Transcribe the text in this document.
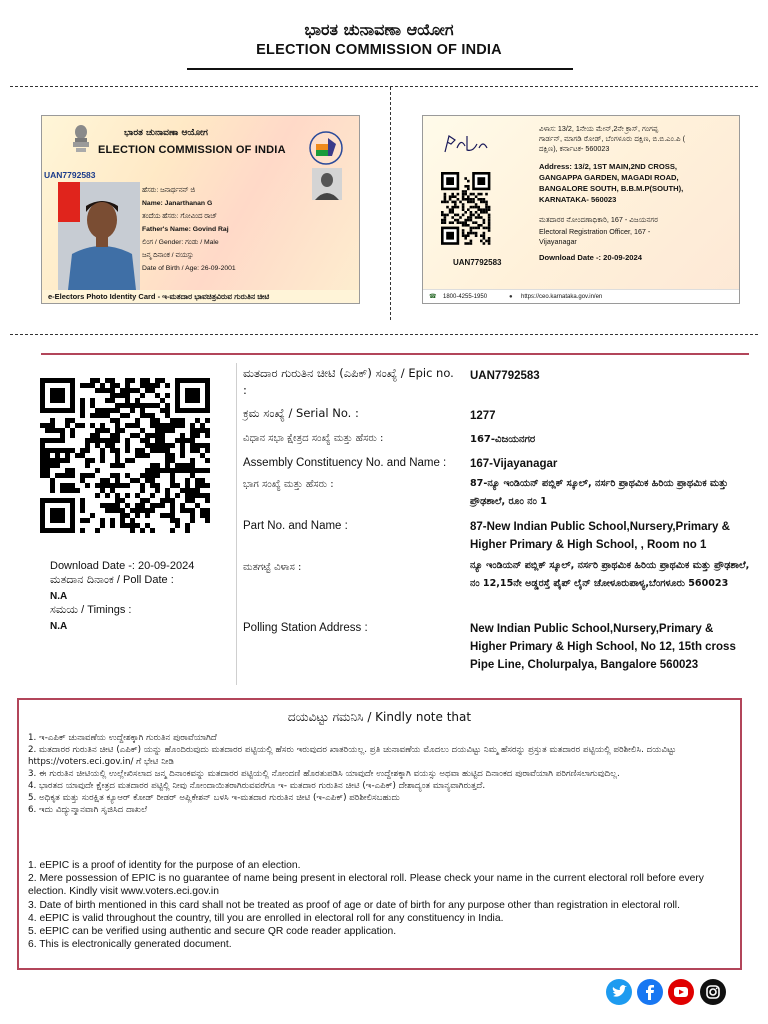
ಭಾರತ ಚುನಾವಣಾ ಆಯೋಗ
ELECTION COMMISSION OF INDIA
ಭಾರತ ಚುನಾವಣಾ ಆಯೋಗ
ELECTION COMMISSION OF INDIA
UAN7792583
ಹೆಸರು: ಜನಾರ್ಥನನ್ ಜಿ
Name: Janarthanan G
ತಂದೆಯ ಹೆಸರು: ಗೋವಿಂದ ರಾಜ್
Father's Name: Govind Raj
ಲಿಂಗ / Gender: ಗಂಡು / Male
ಜನ್ಮ ದಿನಾಂಕ / ವಯಸ್ಸು
Date of Birth / Age: 26-09-2001
e-Electors Photo Identity Card - ಇ-ಮತದಾರ ಭಾವಚಿತ್ರವಿರುವ ಗುರುತಿನ ಚೀಟಿ
UAN7792583
ವಿಳಾಸ: 13/2, 1ನೇಯ ಮೇನ್,2ನೇ ಕ್ರಾಸ್, ಗಂಗಪ್ಪ
ಗಾರ್ಡನ್, ಮಾಗಡಿ ರೋಡ್, ಬೆಂಗಳೂರು ದಕ್ಷಿಣ, ಬಿ.ಬಿ.ಎಂ.ಪಿ (
ದಕ್ಷಿಣ), ಕರ್ನಾಟಕ- 560023
Address: 13/2, 1ST MAIN,2ND CROSS,
GANGAPPA GARDEN, MAGADI ROAD,
BANGALORE SOUTH, B.B.M.P(SOUTH),
KARNATAKA- 560023
ಮತದಾರರ ನೋಂದಣಾಧಿಕಾರಿ, 167 - ವಿಜಯನಗರ
Electoral Registration Officer, 167 -
Vijayanagar
Download Date -: 20-09-2024
☎ 1800-4255-1950	● https://ceo.karnataka.gov.in/en
Download Date -: 20-09-2024
ಮತದಾನ ದಿನಾಂಕ / Poll Date :
N.A
ಸಮಯ / Timings :
N.A
ಮತದಾರ ಗುರುತಿನ ಚೀಟಿ (ಎಪಿಕ್) ಸಂಖ್ಯೆ / Epic no. :
UAN7792583
ಕ್ರಮ ಸಂಖ್ಯೆ / Serial No. :	1277
ವಿಧಾನ ಸಭಾ ಕ್ಷೇತ್ರದ ಸಂಖ್ಯೆ ಮತ್ತು ಹೆಸರು :	167-ವಿಜಯನಗರ
Assembly Constituency No. and Name :	167-Vijayanagar
ಭಾಗ ಸಂಖ್ಯೆ ಮತ್ತು ಹೆಸರು :	87-ನ್ಯೂ ಇಂಡಿಯನ್ ಪಬ್ಲಿಕ್ ಸ್ಕೂಲ್, ನರ್ಸರಿ ಪ್ರಾಥಮಿಕ ಹಿರಿಯ ಪ್ರಾಥಮಿಕ ಮತ್ತು ಪ್ರೌಢಶಾಲೆ, ರೂಂ ನಂ 1
Part No. and Name :	87-New Indian Public School,Nursery,Primary & Higher Primary & High School, , Room no 1
ಮತಗಟ್ಟೆ ವಿಳಾಸ :	ನ್ಯೂ ಇಂಡಿಯನ್ ಪಬ್ಲಿಕ್ ಸ್ಕೂಲ್, ನರ್ಸರಿ ಪ್ರಾಥಮಿಕ ಹಿರಿಯ ಪ್ರಾಥಮಿಕ ಮತ್ತು ಪ್ರೌಢಶಾಲೆ, ನಂ 12,15ನೇ ಅಡ್ಡರಸ್ತೆ ಪೈಪ್ ಲೈನ್ ಚೋಳೂರುಪಾಳ್ಯ,ಬೆಂಗಳೂರು 560023
Polling Station Address :	New Indian Public School,Nursery,Primary & Higher Primary & High School, No 12, 15th cross Pipe Line, Cholurpalya, Bangalore 560023
ದಯವಿಟ್ಟು ಗಮನಿಸಿ / Kindly note that
1. ಇ-ಎಪಿಕ್ ಚುನಾವಣೆಯ ಉದ್ದೇಶಕ್ಕಾಗಿ ಗುರುತಿನ ಪುರಾವೆಯಾಗಿದೆ
2. ಮತದಾರರ ಗುರುತಿನ ಚೀಟಿ (ಎಪಿಕ್) ಯನ್ನು ಹೊಂದಿರುವುದು ಮತದಾರರ ಪಟ್ಟಿಯಲ್ಲಿ ಹೆಸರು ಇರುವುದರ ಖಾತರಿಯಲ್ಲ. ಪ್ರತಿ ಚುನಾವಣೆಯ ಮೊದಲು ದಯವಿಟ್ಟು ನಿಮ್ಮ ಹೆಸರನ್ನು ಪ್ರಸ್ತುತ ಮತದಾರರ ಪಟ್ಟಿಯಲ್ಲಿ ಪರಿಶೀಲಿಸಿ. ದಯವಿಟ್ಟು https://voters.eci.gov.in/ ಗೆ ಭೇಟಿ ನೀಡಿ
3. ಈ ಗುರುತಿನ ಚೀಟಿಯಲ್ಲಿ ಉಲ್ಲೇಖಿಸಲಾದ ಜನ್ಮ ದಿನಾಂಕವನ್ನು ಮತದಾರರ ಪಟ್ಟಿಯಲ್ಲಿ ನೋಂದಣಿ ಹೊರತುಪಡಿಸಿ ಯಾವುದೇ ಉದ್ದೇಶಕ್ಕಾಗಿ ವಯಸ್ಸು ಅಥವಾ ಹುಟ್ಟಿದ ದಿನಾಂಕದ ಪುರಾವೆಯಾಗಿ ಪರಿಗಣಿಸಲಾಗುವುದಿಲ್ಲ.
4. ಭಾರತದ ಯಾವುದೇ ಕ್ಷೇತ್ರದ ಮತದಾರರ ಪಟ್ಟಿಲ್ಲಿ ನೀವು ನೋಂದಾಯಿತರಾಗಿರುವವರೆಗೂ ಇ- ಮತದಾರ ಗುರುತಿನ ಚೀಟಿ (ಇ-ಎಪಿಕ್) ದೇಶಾದ್ಯಂತ ಮಾನ್ಯವಾಗಿರುತ್ತದೆ.
5. ಅಧಿಕೃತ ಮತ್ತು ಸುರಕ್ಷಿತ ಕ್ಯೂಆರ್ ಕೋಡ್ ರೀಡರ್ ಅಪ್ಲಿಕೇಶನ್ ಬಳಸಿ ಇ-ಮತದಾರ ಗುರುತಿನ ಚೀಟಿ (ಇ-ಎಪಿಕ್) ಪರಿಶೀಲಿಸಬಹುದು
6. ಇದು ವಿದ್ಯುನ್ಮಾನವಾಗಿ ಸೃಜಿಸಿದ ದಾಖಲೆ
1. eEPIC is a proof of identity for the purpose of an election.
2. Mere possession of EPIC is no guarantee of name being present in electoral roll. Please check your name in the current electoral roll before every election. Kindly visit www.voters.eci.gov.in
3. Date of birth mentioned in this card shall not be treated as proof of age or date of birth for any purpose other than registration in electoral roll.
4. eEPIC is valid throughout the country, till you are enrolled in electoral roll for any constituency in India.
5. eEPIC can be verified using authentic and secure QR code reader application.
6. This is electronically generated document.
